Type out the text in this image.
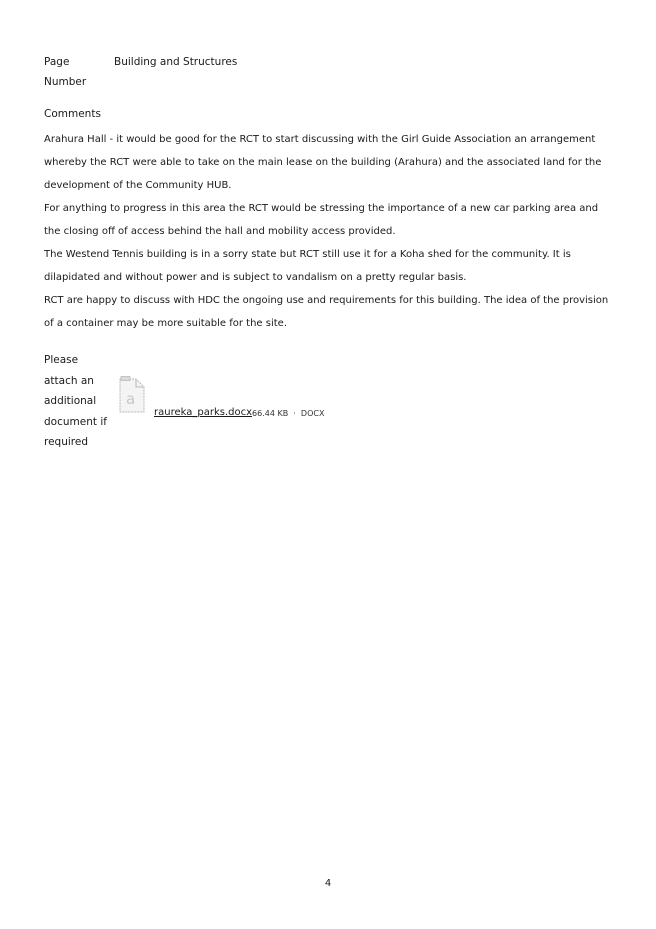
Page Number
Building and Structures
Comments

Arahura Hall - it would be good for the RCT to start discussing with the Girl Guide Association an arrangement whereby the RCT were able to take on the main lease on the building (Arahura) and the associated land for the development of the Community HUB.

For anything to progress in this area the RCT would be stressing the importance of a new car parking area and the closing off of access behind the hall and mobility access provided.

The Westend Tennis building is in a sorry state but RCT still use it for a Koha shed for the community. It is dilapidated and without power and is subject to vandalism on a pretty regular basis.

RCT are happy to discuss with HDC the ongoing use and requirements for this building. The idea of the provision of a container may be more suitable for the site.

Please attach an additional document if required
a
raureka_parks.docx 66.44 KB · DOCX
4
